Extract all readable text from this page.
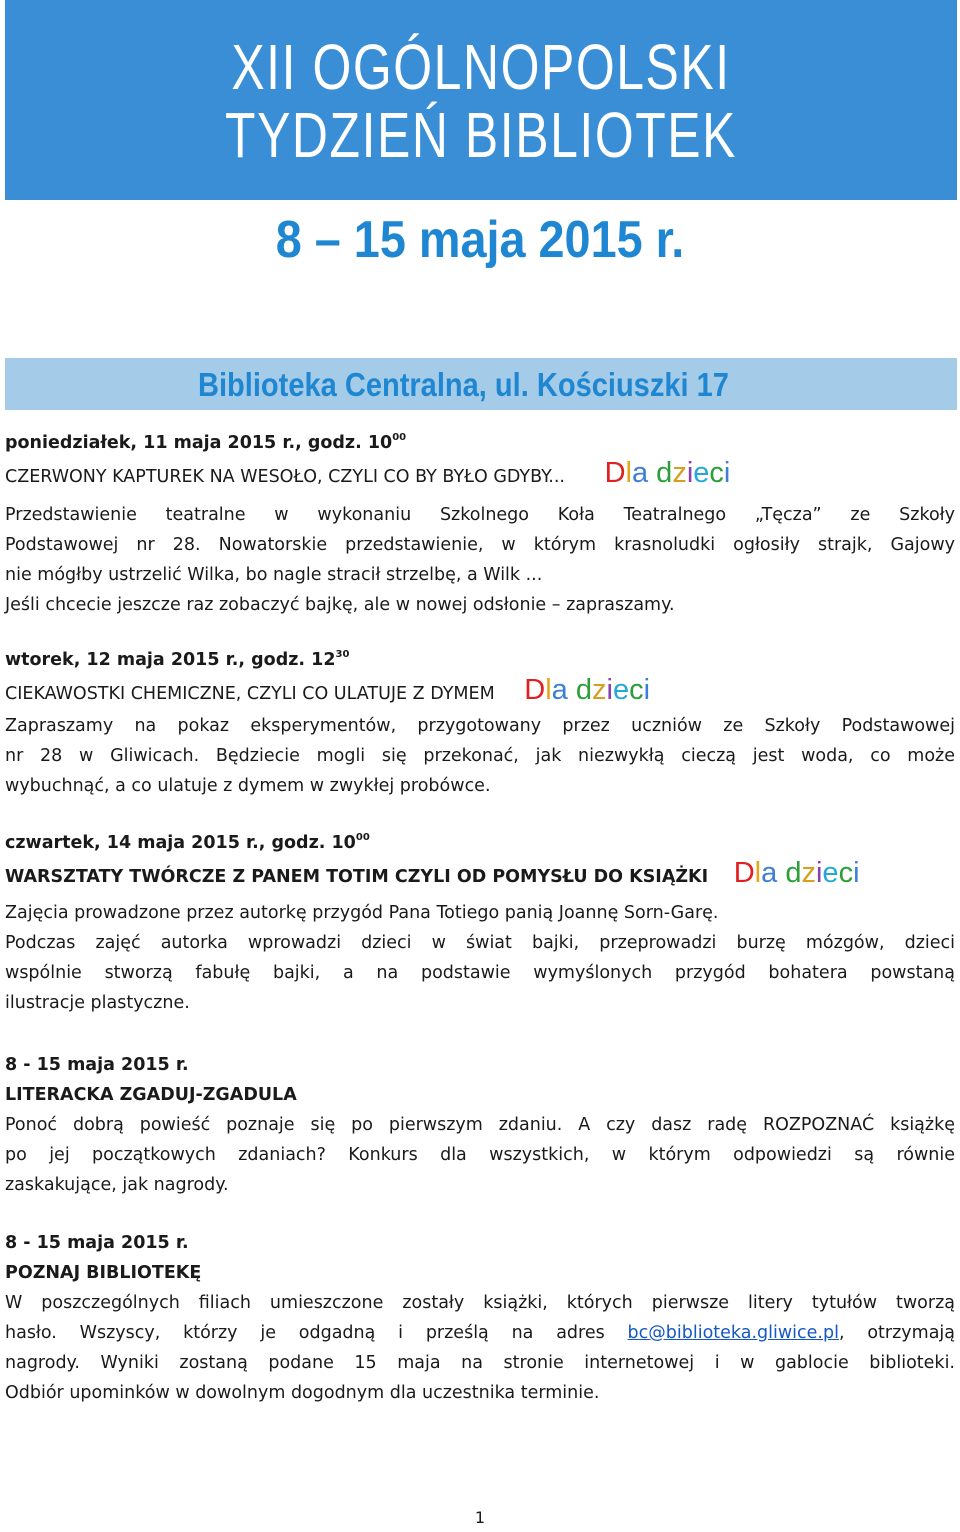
XII OGÓLNOPOLSKI
TYDZIEŃ BIBLIOTEK
8 – 15 maja 2015 r.
Biblioteka Centralna, ul. Kościuszki 17

poniedziałek, 11 maja 2015 r., godz. $10^{00}$

CZERWONY KAPTUREK NA WESOŁO, CZYLI CO BY BYŁO GDYBY... Dla dzieci

Przedstawienie teatralne w wykonaniu Szkolnego Koła Teatralnego „Tęcza” ze Szkoły

Podstawowej nr 28. Nowatorskie przedstawienie, w którym krasnoludki ogłosiły strajk, Gajowy

nie mógłby ustrzelić Wilka, bo nagle stracił strzelbę, a Wilk ...

Jeśli chcecie jeszcze raz zobaczyć bajkę, ale w nowej odsłonie – zapraszamy.

wtorek, 12 maja 2015 r., godz. $12^{30}$

CIEKAWOSTKI CHEMICZNE, CZYLI CO ULATUJE Z DYMEM Dla dzieci

Zapraszamy na pokaz eksperymentów, przygotowany przez uczniów ze Szkoły Podstawowej

nr 28 w Gliwicach. Będziecie mogli się przekonać, jak niezwykłą cieczą jest woda, co może

wybuchnąć, a co ulatuje z dymem w zwykłej probówce.

czwartek, 14 maja 2015 r., godz. $10^{00}$

WARSZTATY TWÓRCZE Z PANEM TOTIM CZYLI OD POMYSŁU DO KSIĄŻKI Dla dzieci

Zajęcia prowadzone przez autorkę przygód Pana Totiego panią Joannę Sorn-Garę.

Podczas zajęć autorka wprowadzi dzieci w świat bajki, przeprowadzi burzę mózgów, dzieci

wspólnie stworzą fabułę bajki, a na podstawie wymyślonych przygód bohatera powstaną

ilustracje plastyczne.

8 - 15 maja 2015 r.

LITERACKA ZGADUJ-ZGADULA

Ponoć dobrą powieść poznaje się po pierwszym zdaniu. A czy dasz radę ROZPOZNAĆ książkę

po jej początkowych zdaniach? Konkurs dla wszystkich, w którym odpowiedzi są równie

zaskakujące, jak nagrody.

8 - 15 maja 2015 r.

POZNAJ BIBLIOTEKĘ

W poszczególnych filiach umieszczone zostały książki, których pierwsze litery tytułów tworzą

hasło. Wszyscy, którzy je odgadną i prześlą na adres bc@biblioteka.gliwice.pl, otrzymają

nagrody. Wyniki zostaną podane 15 maja na stronie internetowej i w gablocie biblioteki.

Odbiór upominków w dowolnym dogodnym dla uczestnika terminie.

1
